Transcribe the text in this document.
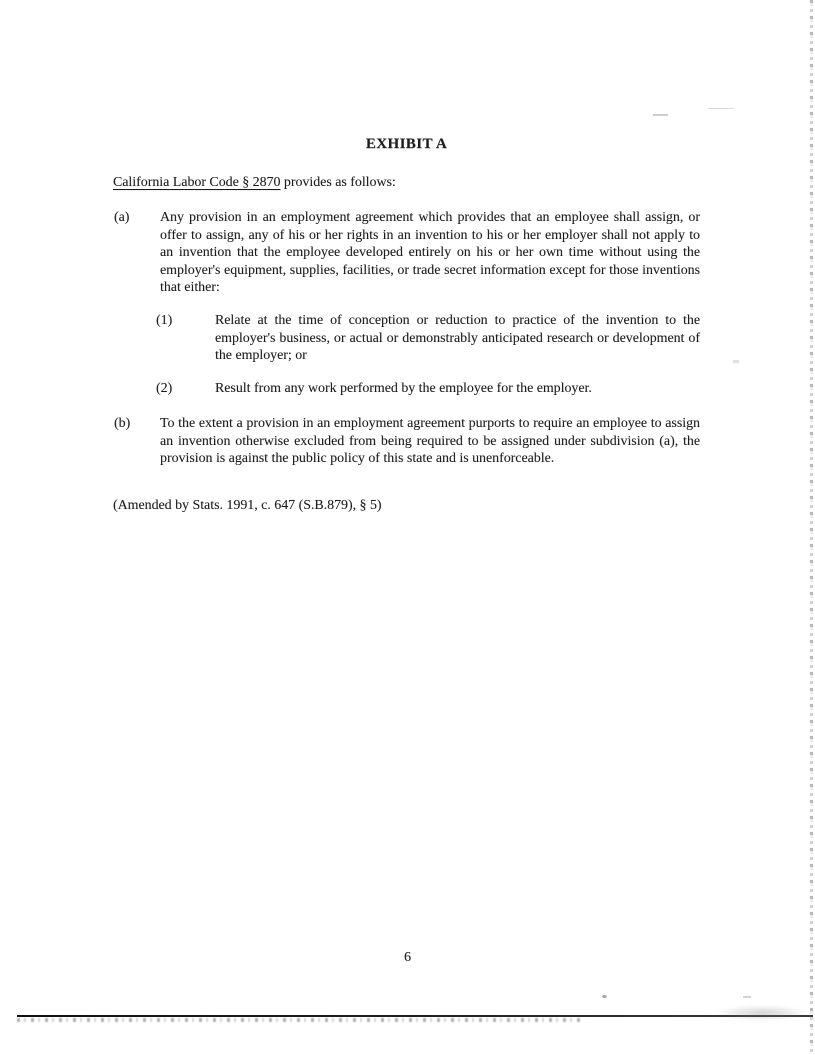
EXHIBIT A
California Labor Code § 2870 provides as follows:
(a)	Any provision in an employment agreement which provides that an employee shall assign, or offer to assign, any of his or her rights in an invention to his or her employer shall not apply to an invention that the employee developed entirely on his or her own time without using the employer's equipment, supplies, facilities, or trade secret information except for those inventions that either:
(1)	Relate at the time of conception or reduction to practice of the invention to the employer's business, or actual or demonstrably anticipated research or development of the employer; or
(2)	Result from any work performed by the employee for the employer.
(b)	To the extent a provision in an employment agreement purports to require an employee to assign an invention otherwise excluded from being required to be assigned under subdivision (a), the provision is against the public policy of this state and is unenforceable.
(Amended by Stats. 1991, c. 647 (S.B.879), § 5)
6
